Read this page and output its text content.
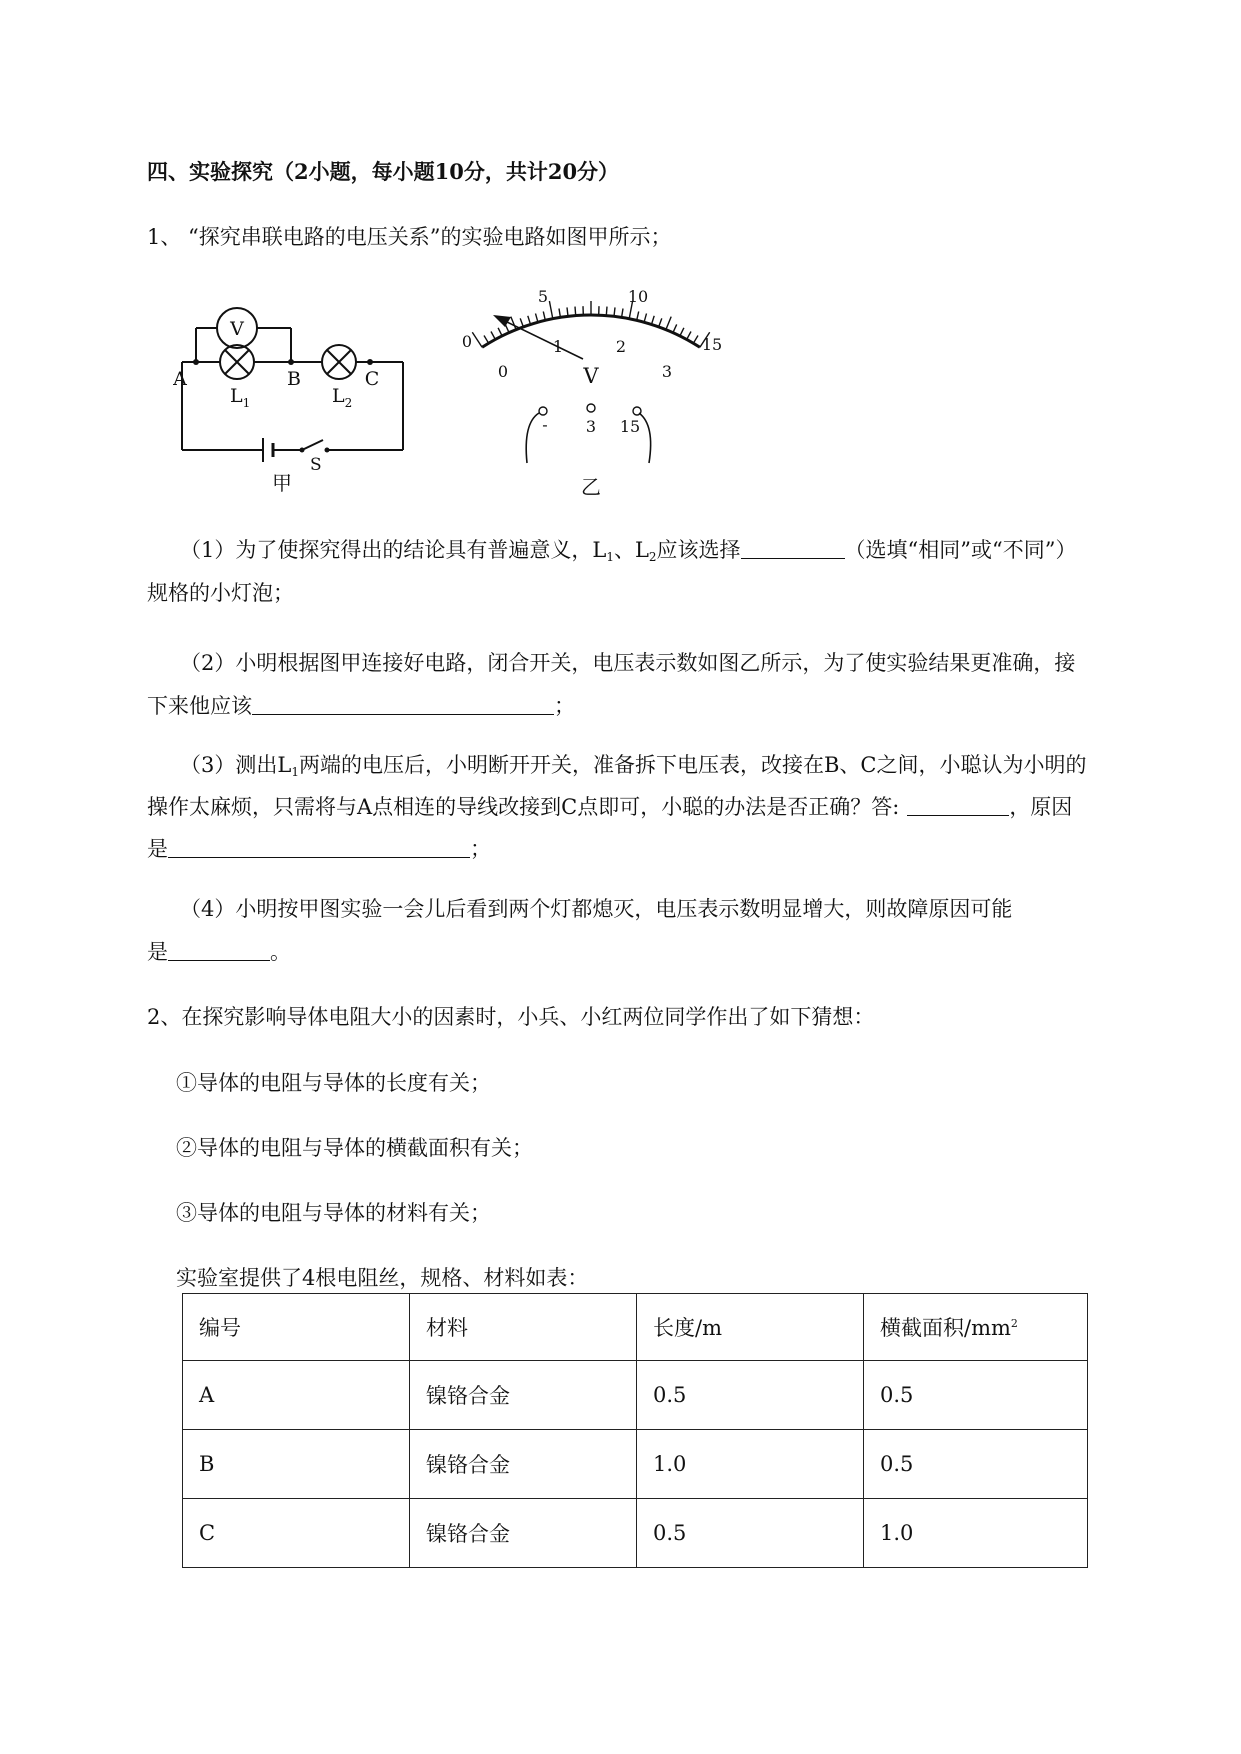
四、实验探究（2小题，每小题10分，共计20分）
1、 “探究串联电路的电压关系”的实验电路如图甲所示；
V
A	B	C
$L_1$	$L_2$
S
甲
0
5	10
15
0
1	2
3
V
- 3 15
乙
（1）为了使探究得出的结论具有普遍意义，$L_1$、$L_2$应该选择	（选填“相同”或“不同”）
规格的小灯泡；
（2）小明根据图甲连接好电路，闭合开关，电压表示数如图乙所示，为了使实验结果更准确，接
下来他应该	；
（3）测出$L_1$两端的电压后，小明断开开关，准备拆下电压表，改接在B、C之间，小聪认为小明的
操作太麻烦，只需将与A点相连的导线改接到C点即可，小聪的办法是否正确？答:	，原因
是	；
（4）小明按甲图实验一会儿后看到两个灯都熄灭，电压表示数明显增大，则故障原因可能
是	。
2、在探究影响导体电阻大小的因素时，小兵、小红两位同学作出了如下猜想：
①导体的电阻与导体的长度有关；
②导体的电阻与导体的横截面积有关；
③导体的电阻与导体的材料有关；
实验室提供了4根电阻丝，规格、材料如表：
编号	材料	长度/m	横截面积$/mm^2$
A	镍铬合金	0.5	0.5
B	镍铬合金	1.0	0.5
C	镍铬合金	0.5	1.0
